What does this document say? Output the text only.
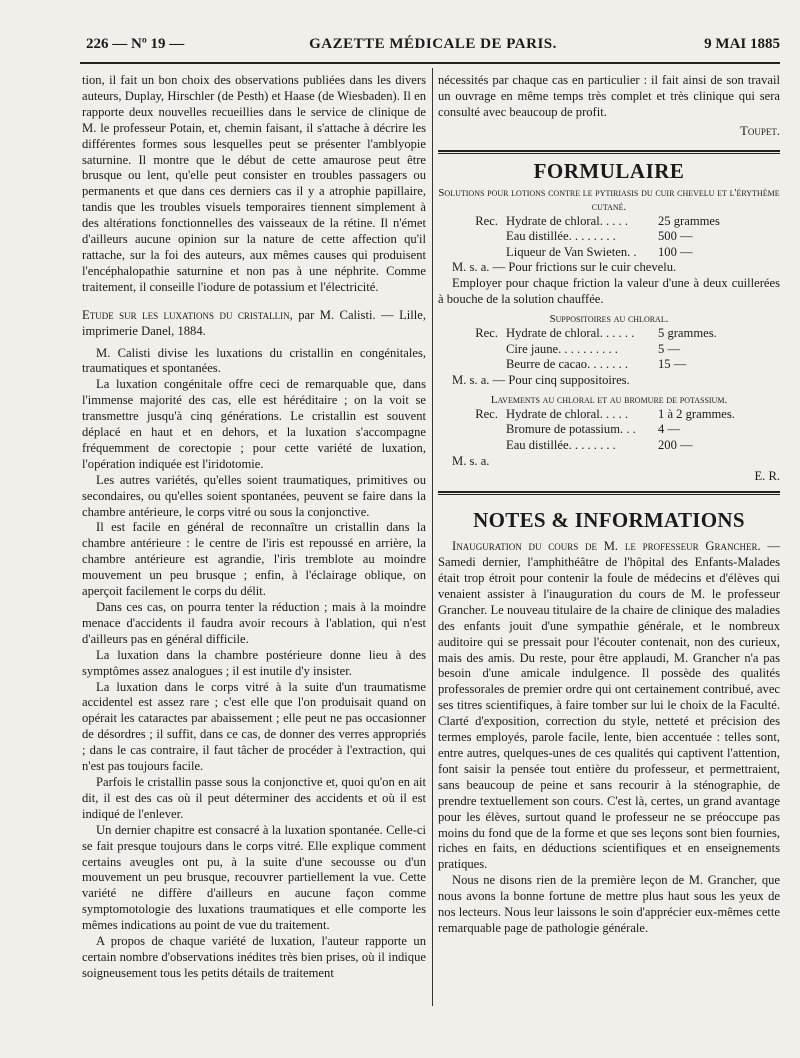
226 — Nº 19 —	GAZETTE MÉDICALE DE PARIS.	9 MAI 1885

tion, il fait un bon choix des observations publiées dans les divers auteurs, Duplay, Hirschler (de Pesth) et Haase (de Wiesbaden). Il en rapporte deux nouvelles recueillies dans le service de clinique de M. le professeur Potain, et, chemin faisant, il s'attache à décrire les différentes formes sous lesquelles peut se présenter l'amblyopie saturnine. Il montre que le début de cette amaurose peut être brusque ou lent, qu'elle peut consister en troubles passagers ou permanents et que dans ces derniers cas il y a atrophie papillaire, tandis que les troubles visuels temporaires tiennent simplement à des altérations fonctionnelles des vaisseaux de la rétine. Il n'émet d'ailleurs aucune opinion sur la nature de cette affection qu'il rattache, sur la foi des auteurs, aux mêmes causes qui produisent l'encéphalopathie saturnine et non pas à une néphrite. Comme traitement, il conseille l'iodure de potassium et l'électricité.

Etude sur les luxations du cristallin, par M. Calisti. — Lille, imprimerie Danel, 1884.

M. Calisti divise les luxations du cristallin en congénitales, traumatiques et spontanées.

La luxation congénitale offre ceci de remarquable que, dans l'immense majorité des cas, elle est héréditaire ; on la voit se transmettre jusqu'à cinq générations. Le cristallin est souvent déplacé en haut et en dehors, et la luxation s'accompagne fréquemment de corectopie ; pour cette variété de luxation, l'opération indiquée est l'iridotomie.

Les autres variétés, qu'elles soient traumatiques, primitives ou secondaires, ou qu'elles soient spontanées, peuvent se faire dans la chambre antérieure, le corps vitré ou sous la conjonctive.

Il est facile en général de reconnaître un cristallin dans la chambre antérieure : le centre de l'iris est repoussé en arrière, la chambre antérieure est agrandie, l'iris tremblote au moindre mouvement un peu brusque ; enfin, à l'éclairage oblique, on aperçoit facilement le corps du délit.

Dans ces cas, on pourra tenter la réduction ; mais à la moindre menace d'accidents il faudra avoir recours à l'ablation, qui n'est d'ailleurs pas en général difficile.

La luxation dans la chambre postérieure donne lieu à des symptômes assez analogues ; il est inutile d'y insister.

La luxation dans le corps vitré à la suite d'un traumatisme accidentel est assez rare ; c'est elle que l'on produisait quand on opérait les cataractes par abaissement ; elle peut ne pas occasionner de désordres ; il suffit, dans ce cas, de donner des verres appropriés ; dans le cas contraire, il faut tâcher de procéder à l'extraction, qui n'est pas toujours facile.

Parfois le cristallin passe sous la conjonctive et, quoi qu'on en ait dit, il est des cas où il peut déterminer des accidents et où il est indiqué de l'enlever.

Un dernier chapitre est consacré à la luxation spontanée. Celle-ci se fait presque toujours dans le corps vitré. Elle explique comment certains aveugles ont pu, à la suite d'une secousse ou d'un mouvement un peu brusque, recouvrer partiellement la vue. Cette variété ne diffère d'ailleurs en aucune façon comme symptomotologie des luxations traumatiques et elle comporte les mêmes indications au point de vue du traitement.

A propos de chaque variété de luxation, l'auteur rapporte un certain nombre d'observations inédites très bien prises, où il indique soigneusement tous les petits détails de traitement

nécessités par chaque cas en particulier : il fait ainsi de son travail un ouvrage en même temps très complet et très clinique qui sera consulté avec beaucoup de profit.

Toupet.

FORMULAIRE

Solutions pour lotions contre le pytiriasis du cuir chevelu et l'érythème cutané.

Rec. Hydrate de chloral. . . . .	25 grammes
Eau distillée. . . . . . . .	500 —
Liqueur de Van Swieten. .	100 —

M. s. a. — Pour frictions sur le cuir chevelu.

Employer pour chaque friction la valeur d'une à deux cuillerées à bouche de la solution chauffée.

Suppositoires au chloral.

Rec. Hydrate de chloral. . . . . .	5 grammes.
Cire jaune. . . . . . . . . .	5 —
Beurre de cacao. . . . . . .	15 —

M. s. a. — Pour cinq suppositoires.

Lavements au chloral et au bromure de potassium.

Rec. Hydrate de chloral. . . . .	1 à 2 grammes.
Bromure de potassium. . .	4 —
Eau distillée. . . . . . . .	200 —

M. s. a.

E. R.

NOTES & INFORMATIONS

Inauguration du cours de M. le professeur Grancher. — Samedi dernier, l'amphithéâtre de l'hôpital des Enfants-Malades était trop étroit pour contenir la foule de médecins et d'élèves qui venaient assister à l'inauguration du cours de M. le professeur Grancher. Le nouveau titulaire de la chaire de clinique des maladies des enfants jouit d'une sympathie générale, et le nombreux auditoire qui se pressait pour l'écouter contenait, non des curieux, mais des amis. Du reste, pour être applaudi, M. Grancher n'a pas besoin d'une amicale indulgence. Il possède des qualités professorales de premier ordre qui ont certainement contribué, avec ses titres scientifiques, à faire tomber sur lui le choix de la Faculté. Clarté d'exposition, correction du style, netteté et précision des termes employés, parole facile, lente, bien accentuée : telles sont, entre autres, quelques-unes de ces qualités qui captivent l'attention, font saisir la pensée tout entière du professeur, et permettraient, sans beaucoup de peine et sans recourir à la sténographie, de prendre textuellement son cours. C'est là, certes, un grand avantage pour les élèves, surtout quand le professeur ne se préoccupe pas moins du fond que de la forme et que ses leçons sont bien fournies, riches en faits, en déductions scientifiques et en enseignements pratiques.

Nous ne disons rien de la première leçon de M. Grancher, que nous avons la bonne fortune de mettre plus haut sous les yeux de nos lecteurs. Nous leur laissons le soin d'apprécier eux-mêmes cette remarquable page de pathologie générale.
